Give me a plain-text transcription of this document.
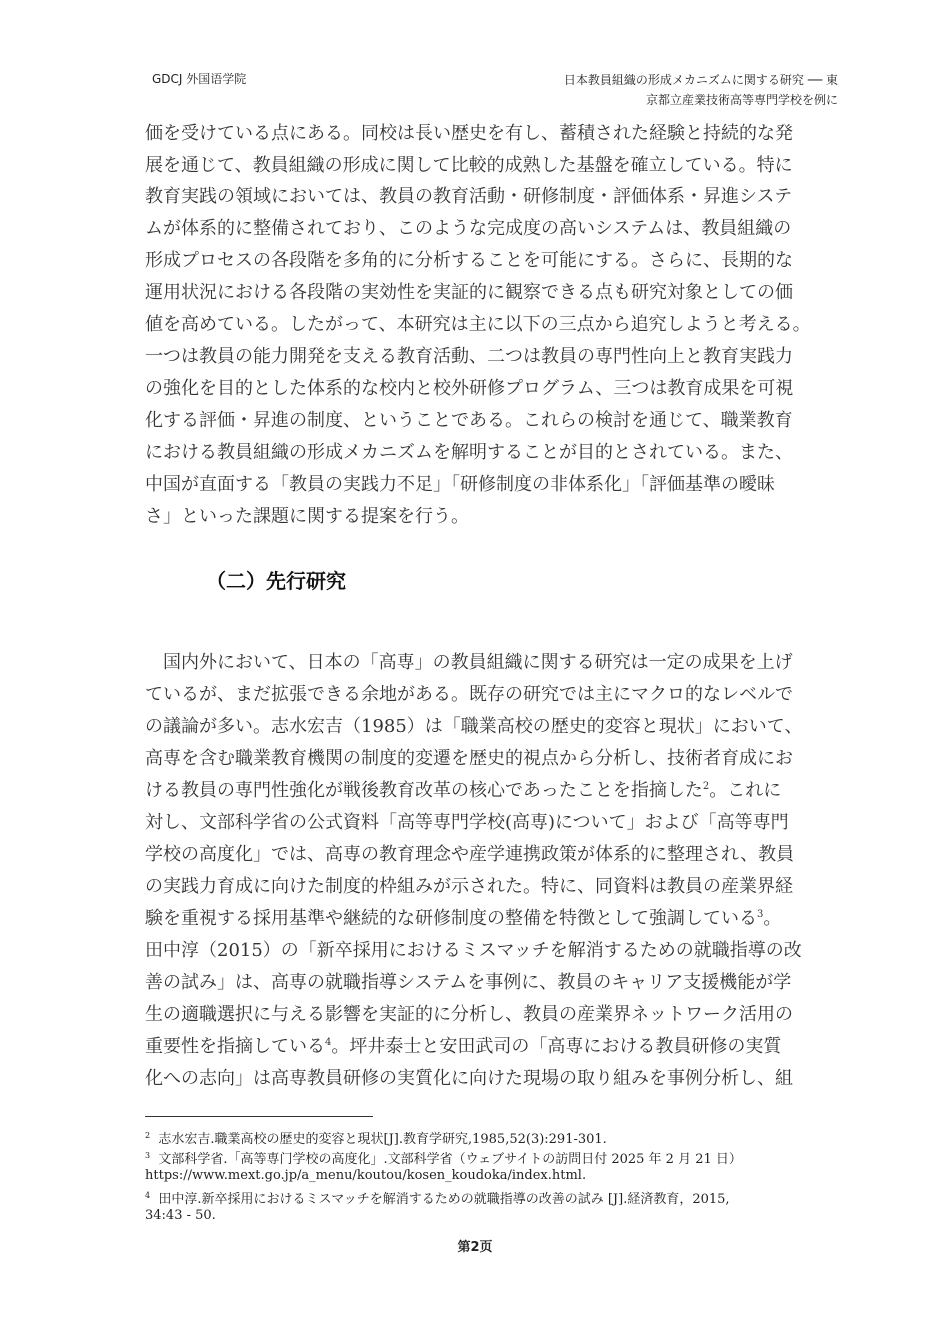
GDCJ 外国语学院	日本教員組織の形成メカニズムに関する研究 ── 東
京都立産業技術高等専門学校を例に
価を受けている点にある。同校は長い歴史を有し、蓄積された経験と持続的な発
展を通じて、教員組織の形成に関して比較的成熟した基盤を確立している。特に
教育実践の領域においては、教員の教育活動・研修制度・評価体系・昇進システ
ムが体系的に整備されており、このような完成度の高いシステムは、教員組織の
形成プロセスの各段階を多角的に分析することを可能にする。さらに、長期的な
運用状況における各段階の実効性を実証的に観察できる点も研究対象としての価
値を高めている。したがって、本研究は主に以下の三点から追究しようと考える。
一つは教員の能力開発を支える教育活動、二つは教員の専門性向上と教育実践力
の強化を目的とした体系的な校内と校外研修プログラム、三つは教育成果を可視
化する評価・昇進の制度、ということである。これらの検討を通じて、職業教育
における教員組織の形成メカニズムを解明することが目的とされている。また、
中国が直面する「教員の実践力不足」「研修制度の非体系化」「評価基準の曖昧
さ」といった課題に関する提案を行う。
（二）先行研究
　国内外において、日本の「高専」の教員組織に関する研究は一定の成果を上げ
ているが、まだ拡張できる余地がある。既存の研究では主にマクロ的なレベルで
の議論が多い。志水宏吉（1985）は「職業高校の歴史的変容と現状」において、
高専を含む職業教育機関の制度的変遷を歴史的視点から分析し、技術者育成にお
ける教員の専門性強化が戦後教育改革の核心であったことを指摘した$^2$。これに
対し、文部科学省の公式資料「高等専門学校(高専)について」および「高等専門
学校の高度化」では、高専の教育理念や産学連携政策が体系的に整理され、教員
の実践力育成に向けた制度的枠組みが示された。特に、同資料は教員の産業界経
験を重視する採用基準や継続的な研修制度の整備を特徴として強調している$^3$。
田中淳（2015）の「新卒採用におけるミスマッチを解消するための就職指導の改
善の試み」は、高専の就職指導システムを事例に、教員のキャリア支援機能が学
生の適職選択に与える影響を実証的に分析し、教員の産業界ネットワーク活用の
重要性を指摘している$^4$。坪井泰士と安田武司の「高専における教員研修の実質
化への志向」は高専教員研修の実質化に向けた現場の取り組みを事例分析し、組
$^2$ 志水宏吉.職業高校の歴史的変容と現状[J].教育学研究,1985,52(3):291-301.
$^3$ 文部科学省.「高等専门学校の高度化」.文部科学省（ウェブサイトの訪問日付 2025 年 2 月 21 日）
https://www.mext.go.jp/a_menu/koutou/kosen_koudoka/index.html.
$^4$ 田中淳.新卒採用におけるミスマッチを解消するための就職指導の改善の試み [J].経済教育，2015,
34:43 - 50.
第2页
